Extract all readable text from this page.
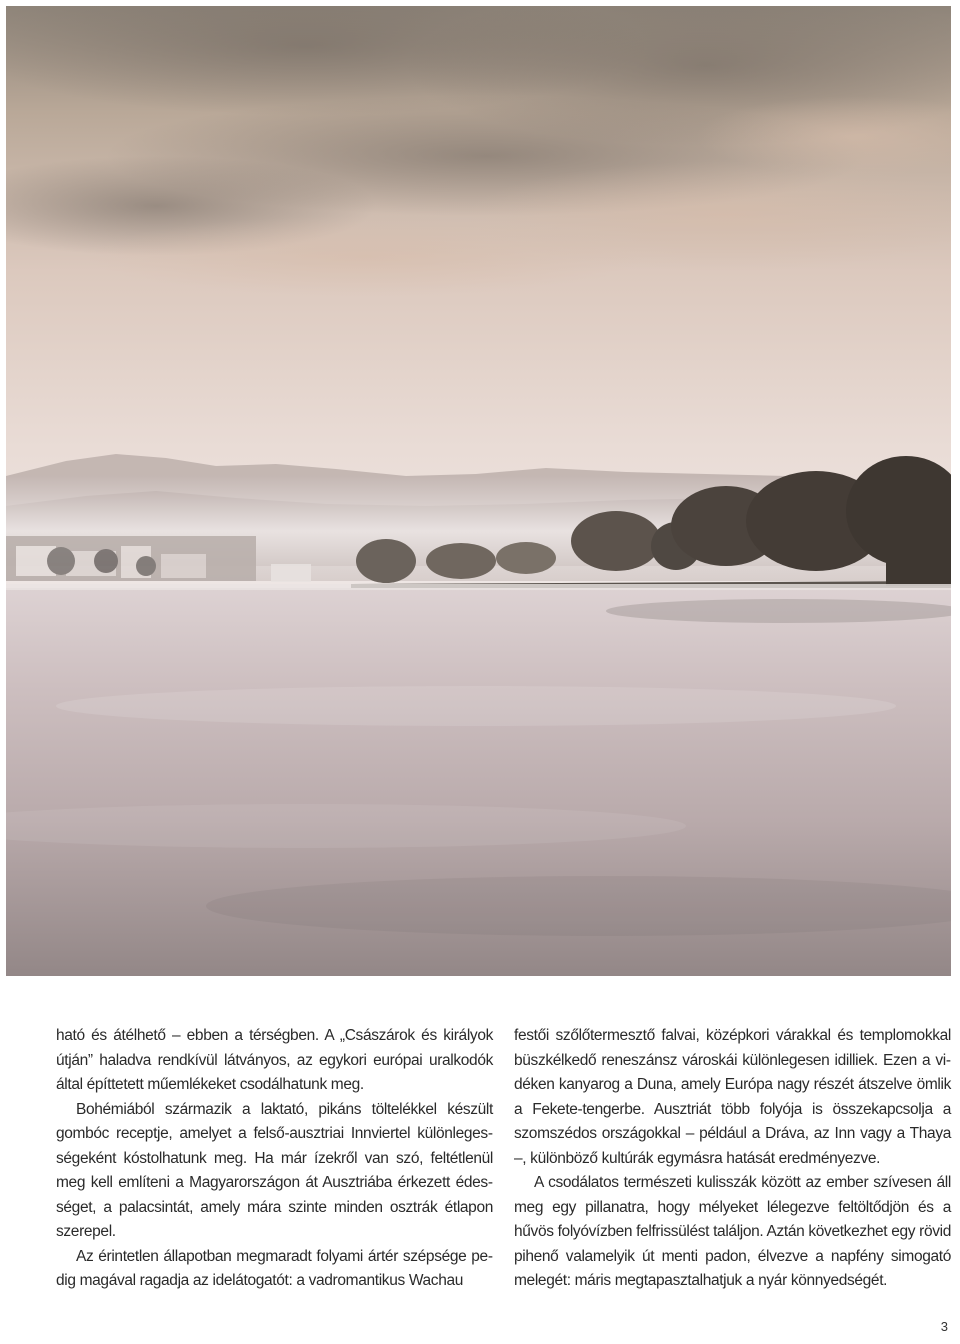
ható és átélhető – ebben a térségben. A „Császárok és királyok útján” haladva rendkívül látványos, az egykori európai uralkodók által építtetett műemlékeket csodálhatunk meg.

Bohémiából származik a laktató, pikáns töltelékkel készült gombóc receptje, amelyet a felső-ausztriai Innviertel különlegességeként kóstolhatunk meg. Ha már ízekről van szó, feltétlenül meg kell említeni a Magyarországon át Ausztriába érkezett édességet, a palacsintát, amely mára szinte minden osztrák étlapon szerepel.

Az érintetlen állapotban megmaradt folyami ártér szépsége pedig magával ragadja az idelátogatót: a vadromantikus Wachau

festői szőlőtermesztő falvai, középkori várakkal és templomokkal büszkélkedő reneszánsz városkái különlegesen idilliek. Ezen a vidéken kanyarog a Duna, amely Európa nagy részét átszelve ömlik a Fekete-tengerbe. Ausztriát több folyója is összekapcsolja a szomszédos országokkal – például a Dráva, az Inn vagy a Thaya –, különböző kultúrák egymásra hatását eredményezve.

A csodálatos természeti kulisszák között az ember szívesen áll meg egy pillanatra, hogy mélyeket lélegezve feltöltődjön és a hűvös folyóvízben felfrissülést találjon. Aztán következhet egy rövid pihenő valamelyik út menti padon, élvezve a napfény simogató melegét: máris megtapasztalhatjuk a nyár könnyedségét.

3
